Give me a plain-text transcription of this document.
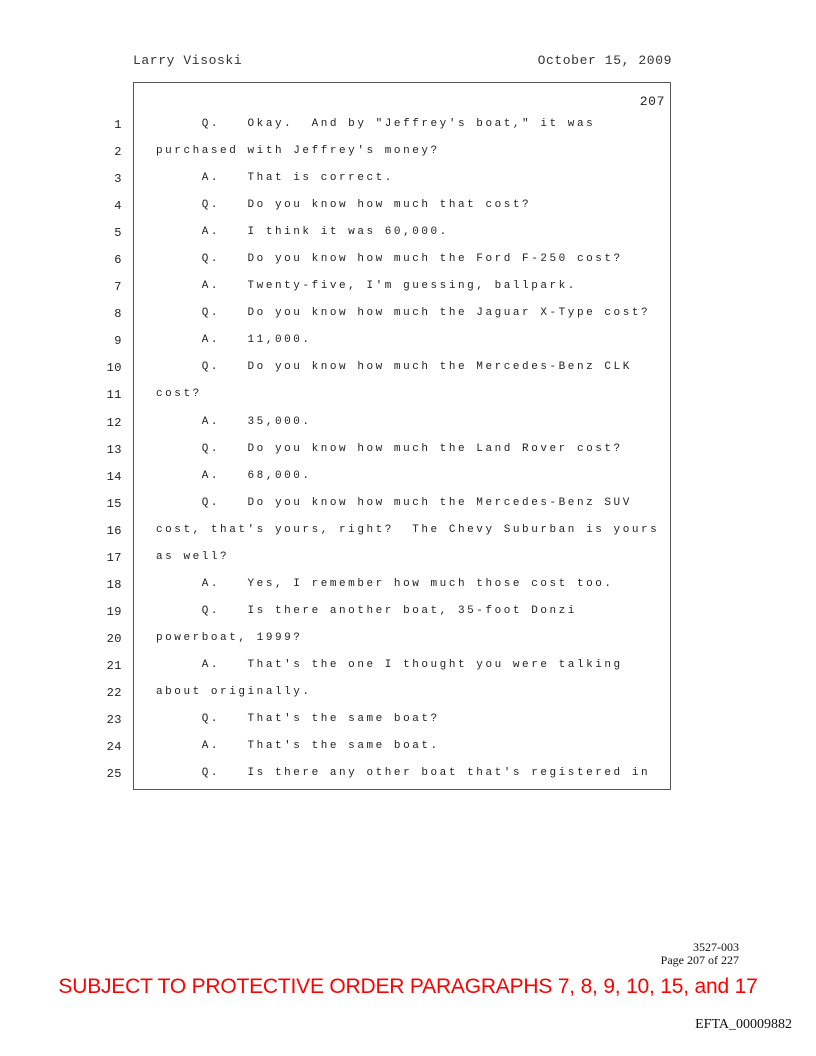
Larry Visoski	October 15, 2009
207
1	Q.   Okay.  And by "Jeffrey's boat," it was
2	purchased with Jeffrey's money?
3	A.   That is correct.
4	Q.   Do you know how much that cost?
5	A.   I think it was 60,000.
6	Q.   Do you know how much the Ford F-250 cost?
7	A.   Twenty-five, I'm guessing, ballpark.
8	Q.   Do you know how much the Jaguar X-Type cost?
9	A.   11,000.
10	Q.   Do you know how much the Mercedes-Benz CLK
11	cost?
12	A.   35,000.
13	Q.   Do you know how much the Land Rover cost?
14	A.   68,000.
15	Q.   Do you know how much the Mercedes-Benz SUV
16	cost, that's yours, right?  The Chevy Suburban is yours
17	as well?
18	A.   Yes, I remember how much those cost too.
19	Q.   Is there another boat, 35-foot Donzi
20	powerboat, 1999?
21	A.   That's the one I thought you were talking
22	about originally.
23	Q.   That's the same boat?
24	A.   That's the same boat.
25	Q.   Is there any other boat that's registered in
3527-003
Page 207 of 227
SUBJECT TO PROTECTIVE ORDER PARAGRAPHS 7, 8, 9, 10, 15, and 17
EFTA_00009882
